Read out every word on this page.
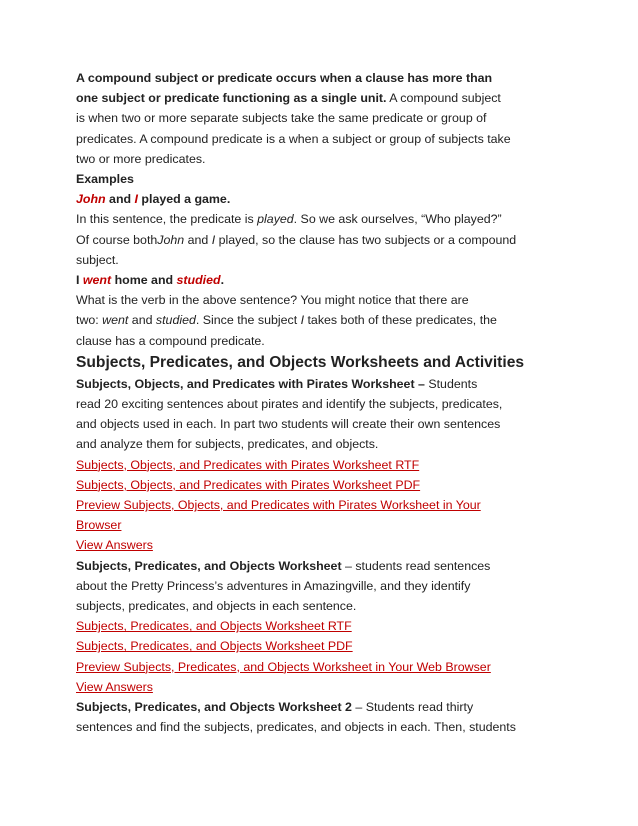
A compound subject or predicate occurs when a clause has more than
one subject or predicate functioning as a single unit. A compound subject
is when two or more separate subjects take the same predicate or group of
predicates. A compound predicate is a when a subject or group of subjects take
two or more predicates.
Examples
John and I played a game.
In this sentence, the predicate is played. So we ask ourselves, “Who played?”
Of course bothJohn and I played, so the clause has two subjects or a compound
subject.
I went home and studied.
What is the verb in the above sentence? You might notice that there are
two: went and studied. Since the subject I takes both of these predicates, the
clause has a compound predicate.
Subjects, Predicates, and Objects Worksheets and Activities
Subjects, Objects, and Predicates with Pirates Worksheet – Students
read 20 exciting sentences about pirates and identify the subjects, predicates,
and objects used in each. In part two students will create their own sentences
and analyze them for subjects, predicates, and objects.
Subjects, Objects, and Predicates with Pirates Worksheet RTF
Subjects, Objects, and Predicates with Pirates Worksheet PDF
Preview Subjects, Objects, and Predicates with Pirates Worksheet in Your
Browser
View Answers
Subjects, Predicates, and Objects Worksheet – students read sentences
about the Pretty Princess’s adventures in Amazingville, and they identify
subjects, predicates, and objects in each sentence.
Subjects, Predicates, and Objects Worksheet RTF
Subjects, Predicates, and Objects Worksheet PDF
Preview Subjects, Predicates, and Objects Worksheet in Your Web Browser
View Answers
Subjects, Predicates, and Objects Worksheet 2 – Students read thirty
sentences and find the subjects, predicates, and objects in each. Then, students
